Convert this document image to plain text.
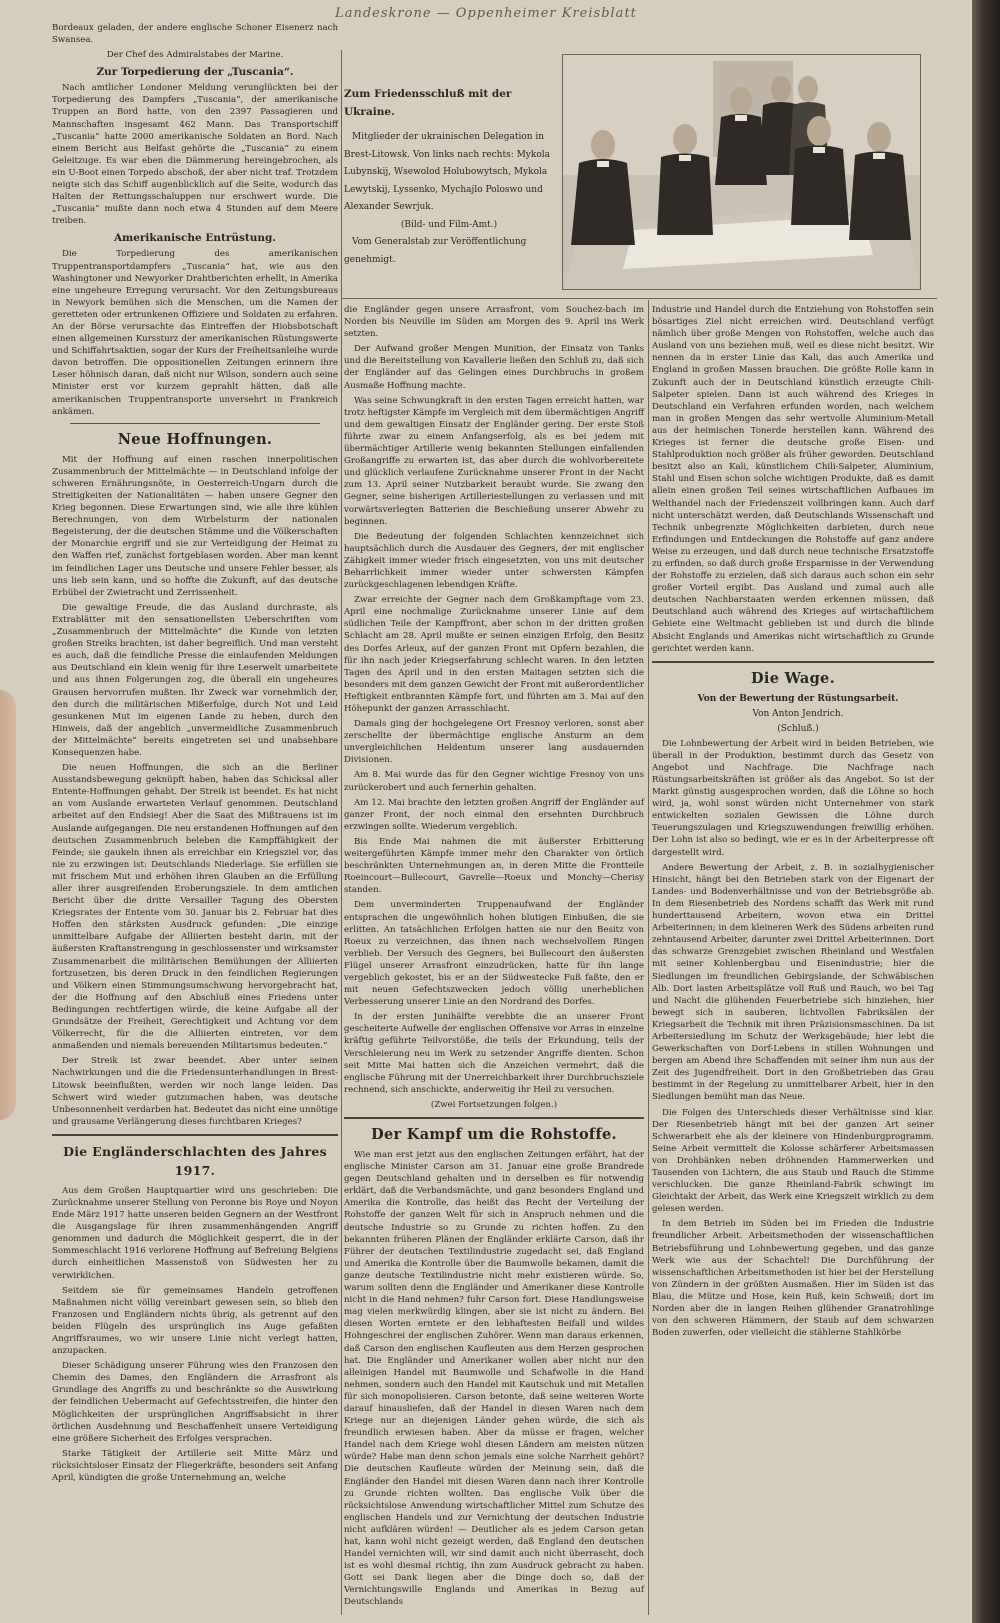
Landeskrone — Oppenheimer Kreisblatt
Zum Friedensschluß mit der Ukraine.

Mitglieder der ukrainischen Delegation in Brest-Litowsk. Von links nach rechts: Mykola Lubynskij, Wsewolod Holubowytsch, Mykola Lewytskij, Lyssenko, Mychajlo Poloswo und Alexander Sewrjuk.

(Bild- und Film-Amt.)

Vom Generalstab zur Veröffentlichung genehmigt.

Bordeaux geladen, der andere englische Schoner Eisenerz nach Swansea.

Der Chef des Admiralstabes der Marine.

Zur Torpedierung der „Tuscania“.

Nach amtlicher Londoner Meldung verunglückten bei der Torpedierung des Dampfers „Tuscania“, der amerikanische Truppen an Bord hatte, von den 2397 Passagieren und Mannschaften insgesamt 462 Mann. Das Transportschiff „Tuscania“ hatte 2000 amerikanische Soldaten an Bord. Nach einem Bericht aus Belfast gehörte die „Tuscania“ zu einem Geleitzuge. Es war eben die Dämmerung hereingebrochen, als ein U-Boot einen Torpedo abschoß, der aber nicht traf. Trotzdem neigte sich das Schiff augenblicklich auf die Seite, wodurch das Halten der Rettungsschaluppen nur erschwert wurde. Die „Tuscania“ mußte dann noch etwa 4 Stunden auf dem Meere treiben.

Amerikanische Entrüstung.

Die Torpedierung des amerikanischen Truppentransportdampfers „Tuscania“ hat, wie aus den Washingtoner und Newyorker Drahtberichten erhellt, in Amerika eine ungeheure Erregung verursacht. Vor den Zeitungsbureaus in Newyork bemühen sich die Menschen, um die Namen der geretteten oder ertrunkenen Offiziere und Soldaten zu erfahren. An der Börse verursachte das Eintreffen der Hiobsbotschaft einen allgemeinen Kurssturz der amerikanischen Rüstungswerte und Schiffahrtsaktien, sogar der Kurs der Freiheitsanleihe wurde davon betroffen. Die oppositionellen Zeitungen erinnern ihre Leser höhnisch daran, daß nicht nur Wilson, sondern auch seine Minister erst vor kurzem geprahlt hätten, daß alle amerikanischen Truppentransporte unversehrt in Frankreich ankämen.

Neue Hoffnungen.

Mit der Hoffnung auf einen raschen innerpolitischen Zusammenbruch der Mittelmächte — in Deutschland infolge der schweren Ernährungsnöte, in Oesterreich-Ungarn durch die Streitigkeiten der Nationalitäten — haben unsere Gegner den Krieg begonnen. Diese Erwartungen sind, wie alle ihre kühlen Berechnungen, von dem Wirbelsturm der nationalen Begeisterung, der die deutschen Stämme und die Völkerschaften der Monarchie ergriff und sie zur Verteidigung der Heimat zu den Waffen rief, zunächst fortgeblasen worden. Aber man kennt im feindlichen Lager uns Deutsche und unsere Fehler besser, als uns lieb sein kann, und so hoffte die Zukunft, auf das deutsche Erbübel der Zwietracht und Zerrissenheit.

Die gewaltige Freude, die das Ausland durchraste, als Extrablätter mit den sensationellsten Ueberschriften vom „Zusammenbruch der Mittelmächte“ die Kunde von letzten großen Streiks brachten, ist daher begreiflich. Und man versteht es auch, daß die feindliche Presse die einlaufenden Meldungen aus Deutschland ein klein wenig für ihre Leserwelt umarbeitete und aus ihnen Folgerungen zog, die überall ein ungeheures Grausen hervorrufen mußten. Ihr Zweck war vornehmlich der, den durch die militärischen Mißerfolge, durch Not und Leid gesunkenen Mut im eigenen Lande zu heben, durch den Hinweis, daß der angeblich „unvermeidliche Zusammenbruch der Mittelmächte“ bereits eingetreten sei und unabsehbare Konsequenzen habe.

Die neuen Hoffnungen, die sich an die Berliner Ausstandsbewegung geknüpft haben, haben das Schicksal aller Entente-Hoffnungen gehabt. Der Streik ist beendet. Es hat nicht an vom Auslande erwarteten Verlauf genommen. Deutschland arbeitet auf den Endsieg! Aber die Saat des Mißtrauens ist im Auslande aufgegangen. Die neu erstandenen Hoffnungen auf den deutschen Zusammenbruch beleben die Kampffähigkeit der Feinde; sie gaukeln ihnen als erreichbar ein Kriegsziel vor, das nie zu erzwingen ist: Deutschlands Niederlage. Sie erfüllen sie mit frischem Mut und erhöhen ihren Glauben an die Erfüllung aller ihrer ausgreifenden Eroberungsziele. In dem amtlichen Bericht über die dritte Versailler Tagung des Obersten Kriegsrates der Entente vom 30. Januar bis 2. Februar hat dies Hoffen den stärksten Ausdruck gefunden: „Die einzige unmittelbare Aufgabe der Alliierten besteht darin, mit der äußersten Kraftanstrengung in geschlossenster und wirksamster Zusammenarbeit die militärischen Bemühungen der Alliierten fortzusetzen, bis deren Druck in den feindlichen Regierungen und Völkern einen Stimmungsumschwung hervorgebracht hat, der die Hoffnung auf den Abschluß eines Friedens unter Bedingungen rechtfertigen würde, die keine Aufgabe all der Grundsätze der Freiheit, Gerechtigkeit und Achtung vor dem Völkerrecht, für die die Alliierten eintreten, vor dem anmaßenden und niemals bereuenden Militarismus bedeuten.“

Der Streik ist zwar beendet. Aber unter seinen Nachwirkungen und die die Friedensunterhandlungen in Brest-Litowsk beeinflußten, werden wir noch lange leiden. Das Schwert wird wieder gutzumachen haben, was deutsche Unbesonnenheit verdarben hat. Bedeutet das nicht eine unnötige und grausame Verlängerung dieses furchtbaren Krieges?

Die Engländerschlachten des Jahres 1917.

Aus dem Großen Hauptquartier wird uns geschrieben: Die Zurücknahme unserer Stellung von Peronne bis Roye und Noyon Ende März 1917 hatte unseren beiden Gegnern an der Westfront die Ausgangslage für ihren zusammenhängenden Angriff genommen und dadurch die Möglichkeit gesperrt, die in der Sommeschlacht 1916 verlorene Hoffnung auf Befreiung Belgiens durch einheitlichen Massenstoß von Südwesten her zu verwirklichen.

Seitdem sie für gemeinsames Handeln getroffenen Maßnahmen nicht völlig vereinbart gewesen sein, so blieb den Franzosen und Engländern nichts übrig, als getrennt auf den beiden Flügeln des ursprünglich ins Auge gefaßten Angriffsraumes, wo wir unsere Linie nicht verlegt hatten, anzupacken.

Dieser Schädigung unserer Führung wies den Franzosen den Chemin des Dames, den Engländern die Arrasfront als Grundlage des Angriffs zu und beschränkte so die Auswirkung der feindlichen Uebermacht auf Gefechtsstreifen, die hinter den Möglichkeiten der ursprünglichen Angriffsabsicht in ihrer örtlichen Ausdehnung und Beschaffenheit unsere Verteidigung eine größere Sicherheit des Erfolges versprachen.

Starke Tätigkeit der Artillerie seit Mitte März und rücksichtsloser Einsatz der Fliegerkräfte, besonders seit Anfang April, kündigten die große Unternehmung an, welche

die Engländer gegen unsere Arrasfront, vom Souchez-bach im Norden bis Neuville im Süden am Morgen des 9. April ins Werk setzten.

Der Aufwand großer Mengen Munition, der Einsatz von Tanks und die Bereitstellung von Kavallerie ließen den Schluß zu, daß sich der Engländer auf das Gelingen eines Durchbruchs in großem Ausmaße Hoffnung machte.

Was seine Schwungkraft in den ersten Tagen erreicht hatten, war trotz heftigster Kämpfe im Vergleich mit dem übermächtigen Angriff und dem gewaltigen Einsatz der Engländer gering. Der erste Stoß führte zwar zu einem Anfangserfolg, als es bei jedem mit übermächtiger Artillerie wenig bekannten Stellungen einfallenden Großangriffe zu erwarten ist, das aber durch die wohlvorbereitete und glücklich verlaufene Zurücknahme unserer Front in der Nacht zum 13. April seiner Nutzbarkeit beraubt wurde. Sie zwang den Gegner, seine bisherigen Artilleriestellungen zu verlassen und mit vorwärtsverlegten Batterien die Beschießung unserer Abwehr zu beginnen.

Die Bedeutung der folgenden Schlachten kennzeichnet sich hauptsächlich durch die Ausdauer des Gegners, der mit englischer Zähigkeit immer wieder frisch eingesetzten, von uns mit deutscher Beharrlichkeit immer wieder unter schwersten Kämpfen zurückgeschlagenen lebendigen Kräfte.

Zwar erreichte der Gegner nach dem Großkampftage vom 23. April eine nochmalige Zurücknahme unserer Linie auf dem südlichen Teile der Kampffront, aber schon in der dritten großen Schlacht am 28. April mußte er seinen einzigen Erfolg, den Besitz des Dorfes Arleux, auf der ganzen Front mit Opfern bezahlen, die für ihn nach jeder Kriegserfahrung schlecht waren. In den letzten Tagen des April und in den ersten Maitagen setzten sich die besonders mit dem ganzen Gewicht der Front mit außerordentlicher Heftigkeit entbrannten Kämpfe fort, und führten am 3. Mai auf den Höhepunkt der ganzen Arrasschlacht.

Damals ging der hochgelegene Ort Fresnoy verloren, sonst aber zerschellte der übermächtige englische Ansturm an dem unvergleichlichen Heldentum unserer lang ausdauernden Divisionen.

Am 8. Mai wurde das für den Gegner wichtige Fresnoy von uns zurückerobert und auch fernerhin gehalten.

Am 12. Mai brachte den letzten großen Angriff der Engländer auf ganzer Front, der noch einmal den ersehnten Durchbruch erzwingen sollte. Wiederum vergeblich.

Bis Ende Mai nahmen die mit äußerster Erbitterung weitergeführten Kämpfe immer mehr den Charakter von örtlich beschränkten Unternehmungen an, in deren Mitte die Frontteile Roeincourt—Bullecourt, Gavrelle—Roeux und Monchy—Cherisy standen.

Dem unverminderten Truppenaufwand der Engländer entsprachen die ungewöhnlich hohen blutigen Einbußen, die sie erlitten. An tatsächlichen Erfolgen hatten sie nur den Besitz von Roeux zu verzeichnen, das ihnen nach wechselvollem Ringen verblieb. Der Versuch des Gegners, bei Bullecourt den äußersten Flügel unserer Arrasfront einzudrücken, hatte für ihn lange vergeblich gekostet, bis er an der Südwestecke Fuß faßte, den er mit neuen Gefechtszwecken jedoch völlig unerheblichen Verbesserung unserer Linie an den Nordrand des Dorfes.

In der ersten Junihälfte verebbte die an unserer Front gescheiterte Aufwelle der englischen Offensive vor Arras in einzelne kräftig geführte Teilvorstöße, die teils der Erkundung, teils der Verschleierung neu im Werk zu setzender Angriffe dienten. Schon seit Mitte Mai hatten sich die Anzeichen vermehrt, daß die englische Führung mit der Unerreichbarkeit ihrer Durchbruchsziele rechnend, sich anschickte, anderweitig ihr Heil zu versuchen.

(Zwei Fortsetzungen folgen.)

Der Kampf um die Rohstoffe.

Wie man erst jetzt aus den englischen Zeitungen erfährt, hat der englische Minister Carson am 31. Januar eine große Brandrede gegen Deutschland gehalten und in derselben es für notwendig erklärt, daß die Verbandsmächte, und ganz besonders England und Amerika die Kontrolle, das heißt das Recht der Verteilung der Rohstoffe der ganzen Welt für sich in Anspruch nehmen und die deutsche Industrie so zu Grunde zu richten hoffen. Zu den bekannten früheren Plänen der Engländer erklärte Carson, daß ihr Führer der deutschen Textilindustrie zugedacht sei, daß England und Amerika die Kontrolle über die Baumwolle bekamen, damit die ganze deutsche Textilindustrie nicht mehr existieren würde. So, warum sollten denn die Engländer und Amerikaner diese Kontrolle nicht in die Hand nehmen? fuhr Carson fort. Diese Handlungsweise mag vielen merkwürdig klingen, aber sie ist nicht zu ändern. Bei diesen Worten erntete er den lebhaftesten Beifall und wildes Hohngeschrei der englischen Zuhörer. Wenn man daraus erkennen, daß Carson den englischen Kaufleuten aus dem Herzen gesprochen hat. Die Engländer und Amerikaner wollen aber nicht nur den alleinigen Handel mit Baumwolle und Schafwolle in die Hand nehmen, sondern auch den Handel mit Kautschuk und mit Metallen für sich monopolisieren. Carson betonte, daß seine weiteren Worte darauf hinausliefen, daß der Handel in diesen Waren nach dem Kriege nur an diejenigen Länder gehen würde, die sich als freundlich erwiesen haben. Aber da müsse er fragen, welcher Handel nach dem Kriege wohl diesen Ländern am meisten nützen würde? Habe man denn schon jemals eine solche Narrheit gehört? Die deutschen Kaufleute würden der Meinung sein, daß die Engländer den Handel mit diesen Waren dann nach ihrer Kontrolle zu Grunde richten wollten. Das englische Volk über die rücksichtslose Anwendung wirtschaftlicher Mittel zum Schutze des englischen Handels und zur Vernichtung der deutschen Industrie nicht aufklären würden! — Deutlicher als es jedem Carson getan hat, kann wohl nicht gezeigt werden, daß England den deutschen Handel vernichten will, wir sind damit auch nicht überrascht, doch ist es wohl diesmal richtig, ihn zum Ausdruck gebracht zu haben. Gott sei Dank liegen aber die Dinge doch so, daß der Vernichtungswille Englands und Amerikas in Bezug auf Deutschlands

Industrie und Handel durch die Entziehung von Rohstoffen sein bösartiges Ziel nicht erreichen wird. Deutschland verfügt nämlich über große Mengen von Rohstoffen, welche auch das Ausland von uns beziehen muß, weil es diese nicht besitzt. Wir nennen da in erster Linie das Kali, das auch Amerika und England in großen Massen brauchen. Die größte Rolle kann in Zukunft auch der in Deutschland künstlich erzeugte Chili-Salpeter spielen. Dann ist auch während des Krieges in Deutschland ein Verfahren erfunden worden, nach welchem man in großen Mengen das sehr wertvolle Aluminium-Metall aus der heimischen Tonerde herstellen kann. Während des Krieges ist ferner die deutsche große Eisen- und Stahlproduktion noch größer als früher geworden. Deutschland besitzt also an Kali, künstlichem Chili-Salpeter, Aluminium, Stahl und Eisen schon solche wichtigen Produkte, daß es damit allein einen großen Teil seines wirtschaftlichen Aufbaues im Welthandel nach der Friedenszeit vollbringen kann. Auch darf nicht unterschätzt werden, daß Deutschlands Wissenschaft und Technik unbegrenzte Möglichkeiten darbieten, durch neue Erfindungen und Entdeckungen die Rohstoffe auf ganz andere Weise zu erzeugen, und daß durch neue technische Ersatzstoffe zu erfinden, so daß durch große Ersparnisse in der Verwendung der Rohstoffe zu erzielen, daß sich daraus auch schon ein sehr großer Vorteil ergibt. Das Ausland und zumal auch alle deutschen Nachbarstaaten werden erkennen müssen, daß Deutschland auch während des Krieges auf wirtschaftlichem Gebiete eine Weltmacht geblieben ist und durch die blinde Absicht Englands und Amerikas nicht wirtschaftlich zu Grunde gerichtet werden kann.

Die Wage.

Von der Bewertung der Rüstungsarbeit.

Von Anton Jendrich.

(Schluß.)

Die Lohnbewertung der Arbeit wird in beiden Betrieben, wie überall in der Produktion, bestimmt durch das Gesetz von Angebot und Nachfrage. Die Nachfrage nach Rüstungsarbeitskräften ist größer als das Angebot. So ist der Markt günstig ausgesprochen worden, daß die Löhne so hoch wird, ja, wohl sonst würden nicht Unternehmer von stark entwickelten sozialen Gewissen die Löhne durch Teuerungszulagen und Kriegszuwendungen freiwillig erhöhen. Der Lohn ist also so bedingt, wie er es in der Arbeiterpresse oft dargestellt wird.

Andere Bewertung der Arbeit, z. B. in sozialhygienischer Hinsicht, hängt bei den Betrieben stark von der Eigenart der Landes- und Bodenverhältnisse und von der Betriebsgröße ab. In dem Riesenbetrieb des Nordens schafft das Werk mit rund hunderttausend Arbeitern, wovon etwa ein Drittel Arbeiterinnen; in dem kleineren Werk des Südens arbeiten rund zehntausend Arbeiter, darunter zwei Drittel Arbeiterinnen. Dort das schwarze Grenzgebiet zwischen Rheinland und Westfalen mit seiner Kohlenbergbau und Eisenindustrie; hier die Siedlungen im freundlichen Gebirgslande, der Schwäbischen Alb. Dort lasten Arbeitsplätze voll Ruß und Rauch, wo bei Tag und Nacht die glühenden Feuerbetriebe sich hinziehen, hier bewegt sich in sauberen, lichtvollen Fabriksälen der Kriegsarbeit die Technik mit ihren Präzisionsmaschinen. Da ist Arbeitersiedlung im Schutz der Werksgebäude; hier lebt die Gewerkschaften von Dorf-Lebens in stillen Wohnungen und bergen am Abend ihre Schaffenden mit seiner ihm nun aus der Zeit des Jugendfreiheit. Dort in den Großbetrieben das Grau bestimmt in der Regelung zu unmittelbarer Arbeit, hier in den Siedlungen bemüht man das Neue.

Die Folgen des Unterschieds dieser Verhältnisse sind klar. Der Riesenbetrieb hängt mit bei der ganzen Art seiner Schwerarbeit ehe als der kleinere von Hindenburgprogramm. Seine Arbeit vermittelt die Kolosse schärferer Arbeitsmassen von Drohbänken neben dröhnenden Hammerwerken und Tausenden von Lichtern, die aus Staub und Rauch die Stimme verschlucken. Die ganze Rheinland-Fabrik schwingt im Gleichtakt der Arbeit, das Werk eine Kriegszeit wirklich zu dem gelesen werden.

In dem Betrieb im Süden bei im Frieden die Industrie freundlicher Arbeit. Arbeitsmethoden der wissenschaftlichen Betriebsführung und Lohnbewertung gegeben, und das ganze Werk wie aus der Schachtel! Die Durchführung der wissenschaftlichen Arbeitsmethoden ist hier bei der Herstellung von Zündern in der größten Ausmaßen. Hier im Süden ist das Blau, die Mütze und Hose, kein Ruß, kein Schweiß; dort im Norden aber die in langen Reihen glühender Granatrohlinge von den schweren Hämmern, der Staub auf dem schwarzen Boden zuwerfen, oder vielleicht die stählerne Stahlkörbe
